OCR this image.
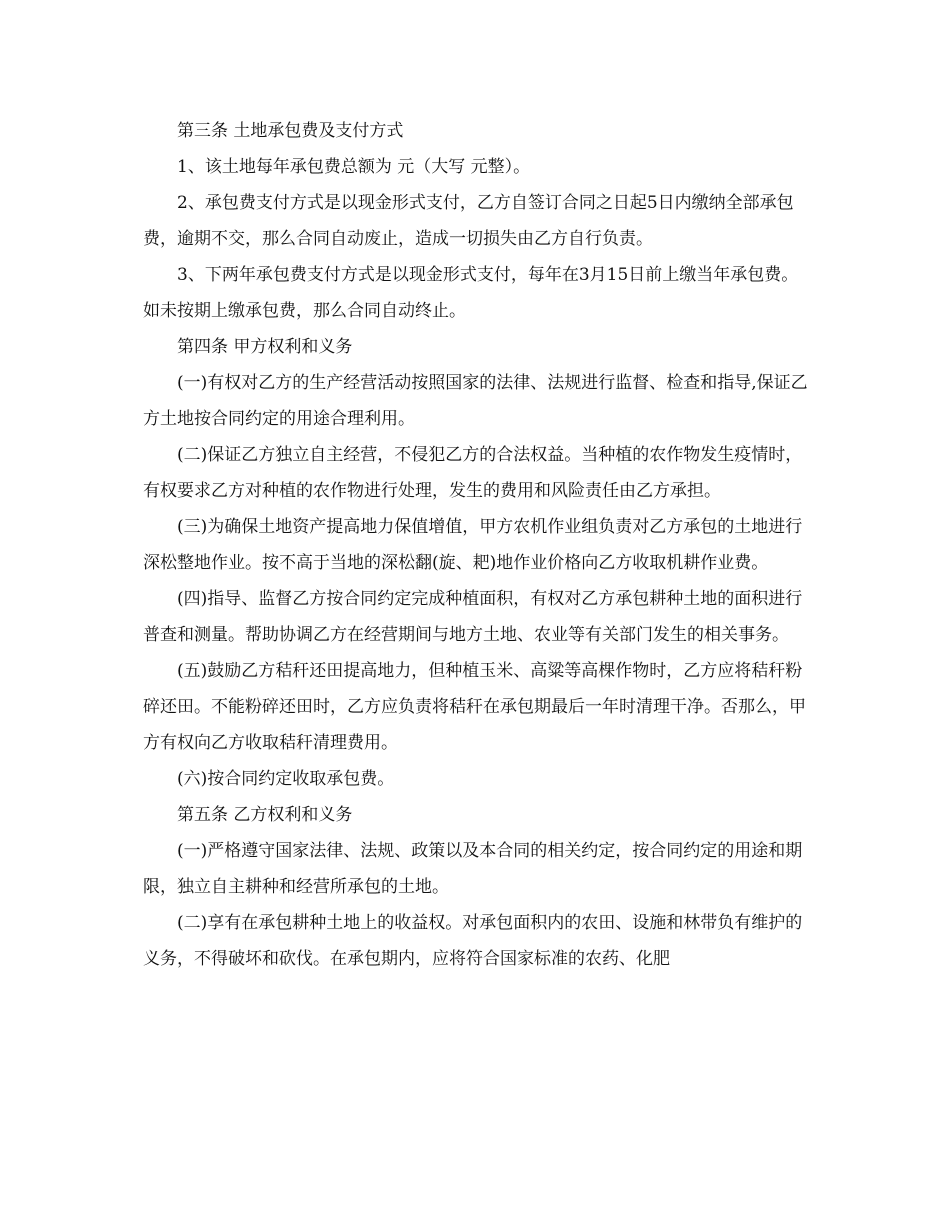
第三条 土地承包费及支付方式

1、该土地每年承包费总额为 元（大写 元整）。

2、承包费支付方式是以现金形式支付，乙方自签订合同之日起5日内缴纳全部承包费，逾期不交，那么合同自动废止，造成一切损失由乙方自行负责。

3、下两年承包费支付方式是以现金形式支付，每年在3月15日前上缴当年承包费。如未按期上缴承包费，那么合同自动终止。

第四条 甲方权利和义务

(一)有权对乙方的生产经营活动按照国家的法律、法规进行监督、检查和指导,保证乙方土地按合同约定的用途合理利用。

(二)保证乙方独立自主经营，不侵犯乙方的合法权益。当种植的农作物发生疫情时，有权要求乙方对种植的农作物进行处理，发生的费用和风险责任由乙方承担。

(三)为确保土地资产提高地力保值增值，甲方农机作业组负责对乙方承包的土地进行深松整地作业。按不高于当地的深松翻(旋、耙)地作业价格向乙方收取机耕作业费。

(四)指导、监督乙方按合同约定完成种植面积，有权对乙方承包耕种土地的面积进行普查和测量。帮助协调乙方在经营期间与地方土地、农业等有关部门发生的相关事务。

(五)鼓励乙方秸秆还田提高地力，但种植玉米、高粱等高棵作物时，乙方应将秸秆粉碎还田。不能粉碎还田时，乙方应负责将秸秆在承包期最后一年时清理干净。否那么，甲方有权向乙方收取秸秆清理费用。

(六)按合同约定收取承包费。

第五条 乙方权利和义务

(一)严格遵守国家法律、法规、政策以及本合同的相关约定，按合同约定的用途和期限，独立自主耕种和经营所承包的土地。

(二)享有在承包耕种土地上的收益权。对承包面积内的农田、设施和林带负有维护的义务，不得破坏和砍伐。在承包期内，应将符合国家标准的农药、化肥
